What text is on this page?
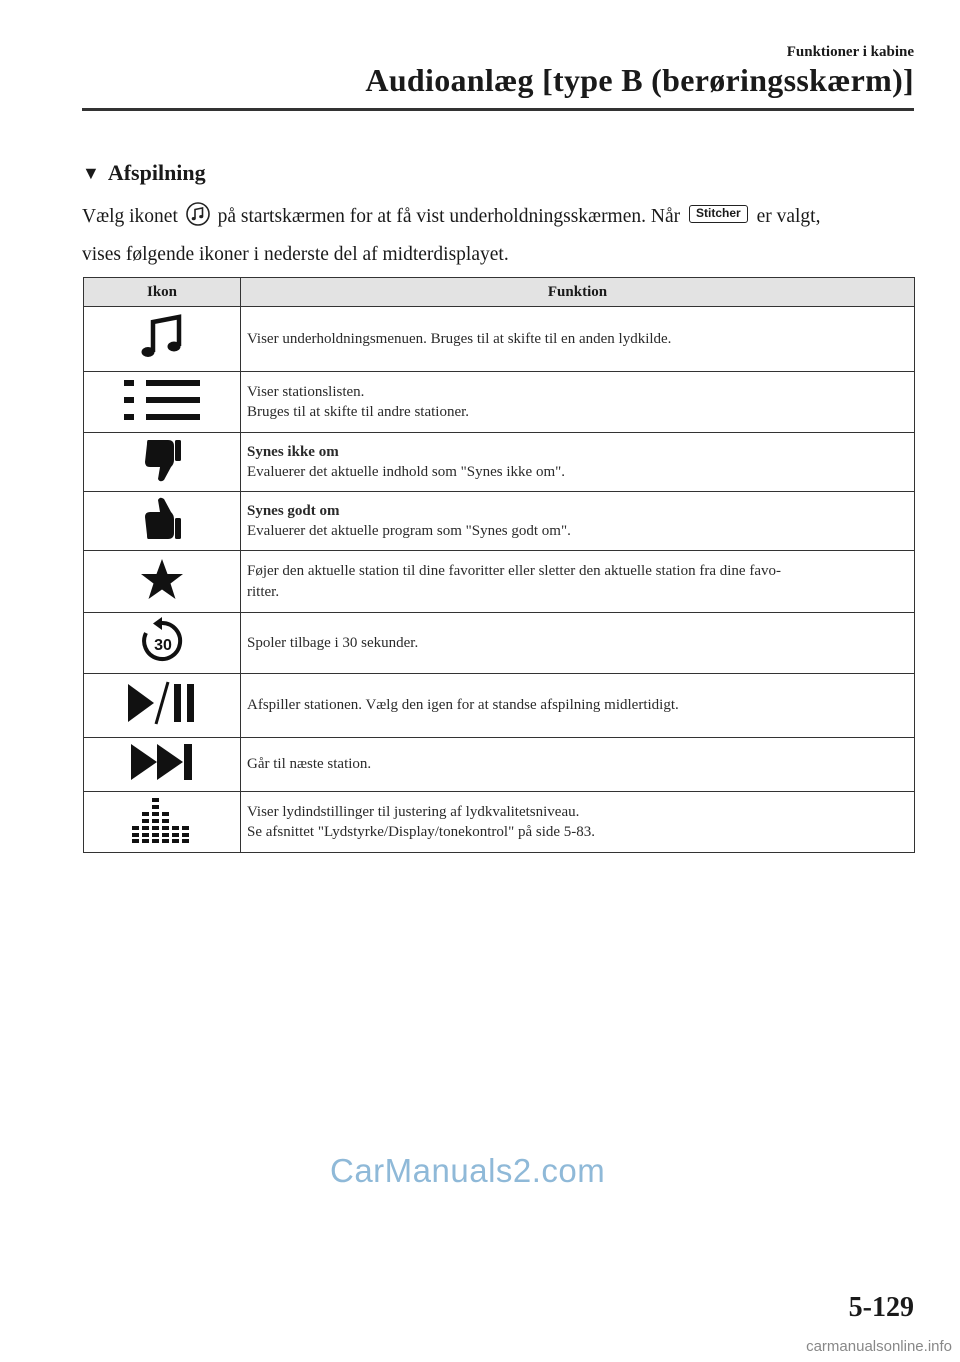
Funktioner i kabine
Audioanlæg [type B (berøringsskærm)]
▼ Afspilning
Vælg ikonet på startskærmen for at få vist underholdningsskærmen. Når Stitcher er valgt,
vises følgende ikoner i nederste del af midterdisplayet.
Ikon	Funktion

Viser underholdningsmenuen. Bruges til at skifte til en anden lydkilde.

Viser stationslisten.
Bruges til at skifte til andre stationer.

Synes ikke om
Evaluerer det aktuelle indhold som "Synes ikke om".

Synes godt om
Evaluerer det aktuelle program som "Synes godt om".

Føjer den aktuelle station til dine favoritter eller sletter den aktuelle station fra dine favo-
ritter.

30	Spoler tilbage i 30 sekunder.

Afspiller stationen. Vælg den igen for at standse afspilning midlertidigt.

Går til næste station.

Viser lydindstillinger til justering af lydkvalitetsniveau.
Se afsnittet "Lydstyrke/Display/tonekontrol" på side 5-83.
CarManuals2.com
5-129
carmanualsonline.info
